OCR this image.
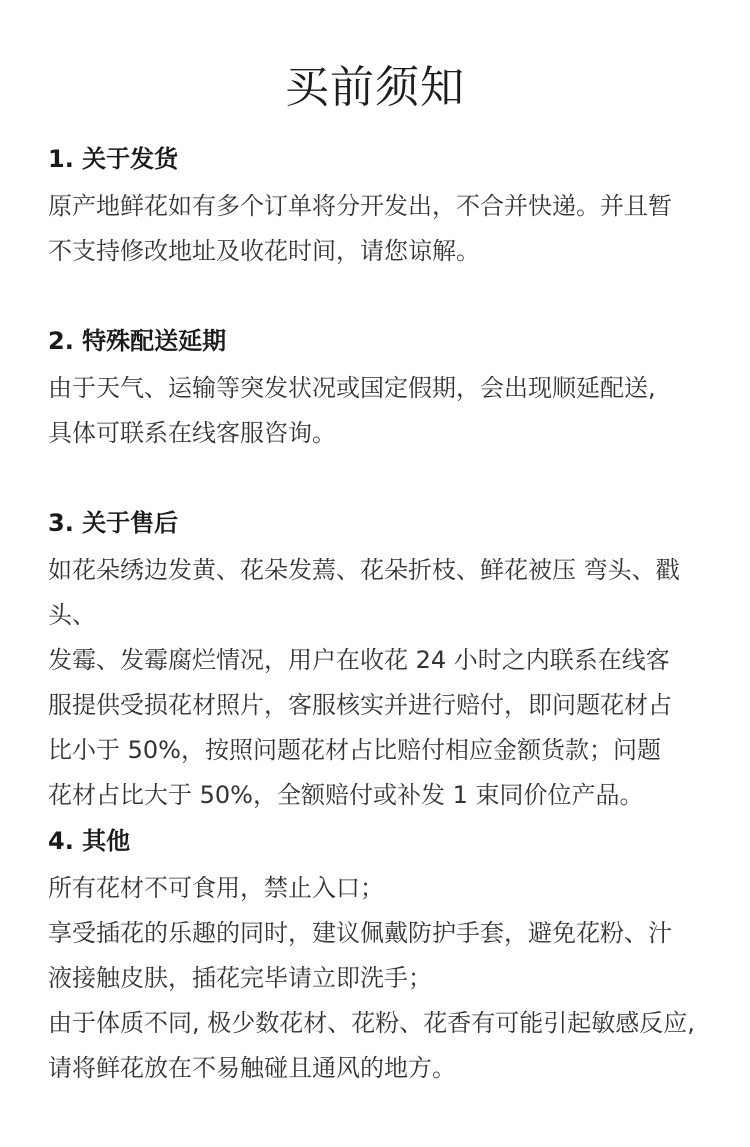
买前须知
1. 关于发货

原产地鲜花如有多个订单将分开发出，不合并快递。并且暂
不支持修改地址及收花时间，请您谅解。

2. 特殊配送延期

由于天气、运输等突发状况或国定假期，会出现顺延配送,
具体可联系在线客服咨询。

3. 关于售后

如花朵绣边发黄、花朵发蔫、花朵折枝、鲜花被压 弯头、戳头、
发霉、发霉腐烂情况，用户在收花 24 小时之内联系在线客
服提供受损花材照片，客服核实并进行赔付，即问题花材占
比小于 50%，按照问题花材占比赔付相应金额货款；问题
花材占比大于 50%，全额赔付或补发 1 束同价位产品。

4. 其他

所有花材不可食用，禁止入口；

享受插花的乐趣的同时，建议佩戴防护手套，避免花粉、汁
液接触皮肤，插花完毕请立即洗手；

由于体质不同, 极少数花材、花粉、花香有可能引起敏感反应,
请将鲜花放在不易触碰且通风的地方。
